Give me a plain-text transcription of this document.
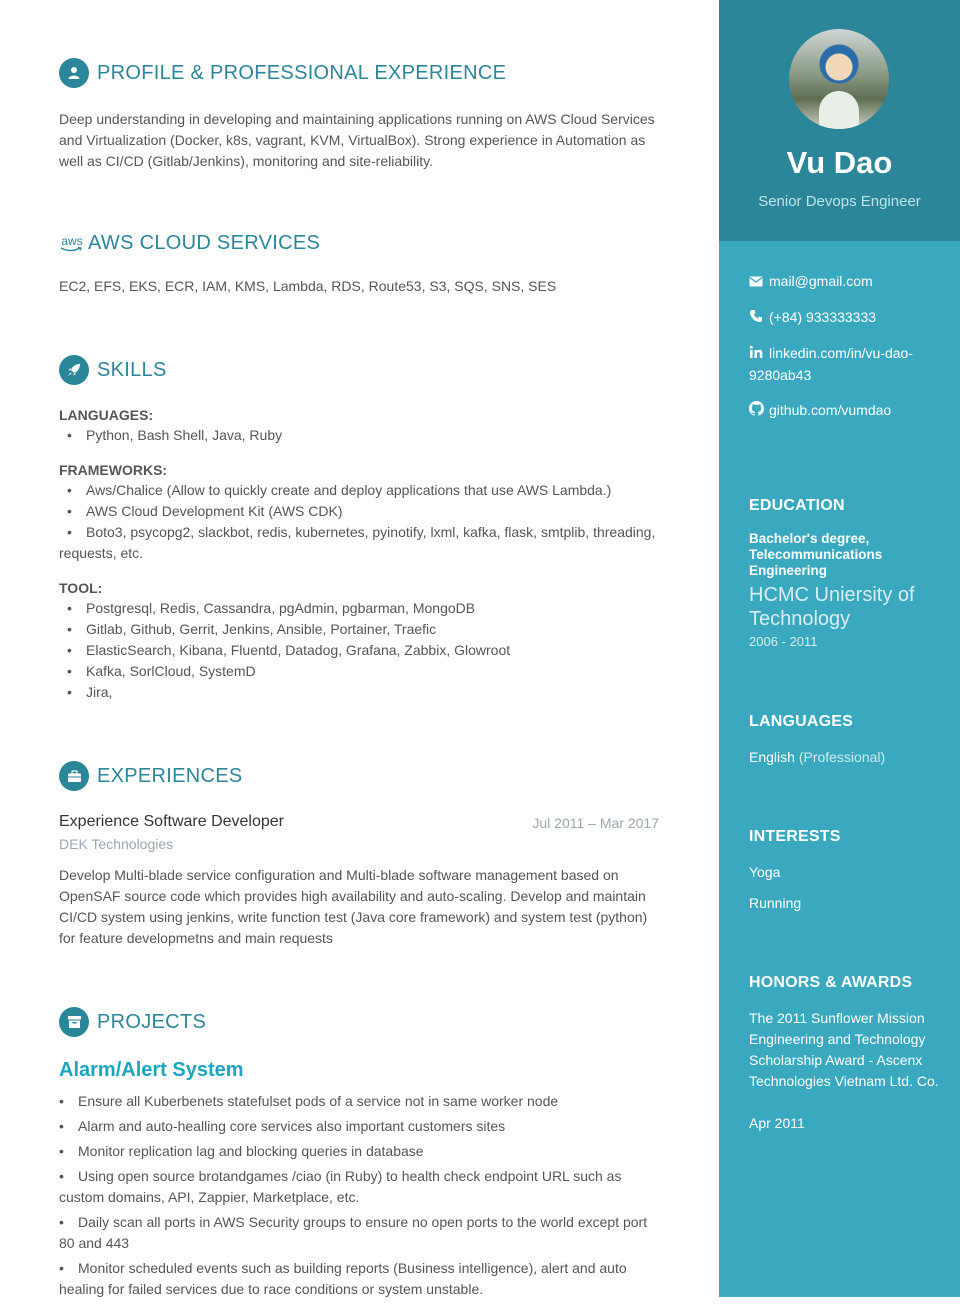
PROFILE & PROFESSIONAL EXPERIENCE
Deep understanding in developing and maintaining applications running on AWS Cloud Services and Virtualization (Docker, k8s, vagrant, KVM, VirtualBox). Strong experience in Automation as well as CI/CD (Gitlab/Jenkins), monitoring and site-reliability.
aws AWS CLOUD SERVICES
EC2, EFS, EKS, ECR, IAM, KMS, Lambda, RDS, Route53, S3, SQS, SNS, SES
SKILLS
LANGUAGES:
• Python, Bash Shell, Java, Ruby
FRAMEWORKS:
• Aws/Chalice (Allow to quickly create and deploy applications that use AWS Lambda.)
• AWS Cloud Development Kit (AWS CDK)
• Boto3, psycopg2, slackbot, redis, kubernetes, pyinotify, lxml, kafka, flask, smtplib, threading, requests, etc.
TOOL:
• Postgresql, Redis, Cassandra, pgAdmin, pgbarman, MongoDB
• Gitlab, Github, Gerrit, Jenkins, Ansible, Portainer, Traefic
• ElasticSearch, Kibana, Fluentd, Datadog, Grafana, Zabbix, Glowroot
• Kafka, SorlCloud, SystemD
• Jira,
EXPERIENCES
Experience Software Developer	Jul 2011 – Mar 2017
DEK Technologies
Develop Multi-blade service configuration and Multi-blade software management based on OpenSAF source code which provides high availability and auto-scaling. Develop and maintain CI/CD system using jenkins, write function test (Java core framework) and system test (python) for feature developmetns and main requests
PROJECTS
Alarm/Alert System
• Ensure all Kuberbenets statefulset pods of a service not in same worker node
• Alarm and auto-healling core services also important customers sites
• Monitor replication lag and blocking queries in database
• Using open source brotandgames /ciao (in Ruby) to health check endpoint URL such as custom domains, API, Zappier, Marketplace, etc.
• Daily scan all ports in AWS Security groups to ensure no open ports to the world except port 80 and 443
• Monitor scheduled events such as building reports (Business intelligence), alert and auto healing for failed services due to race conditions or system unstable.
Vu Dao
Senior Devops Engineer
mail@gmail.com
(+84) 933333333
linkedin.com/in/vu-dao-9280ab43
github.com/vumdao
EDUCATION
Bachelor's degree, Telecommunications Engineering
HCMC Uniersity of Technology
2006 - 2011
LANGUAGES
English (Professional)
INTERESTS
Yoga
Running
HONORS & AWARDS
The 2011 Sunflower Mission Engineering and Technology Scholarship Award - Ascenx Technologies Vietnam Ltd. Co.
Apr 2011
